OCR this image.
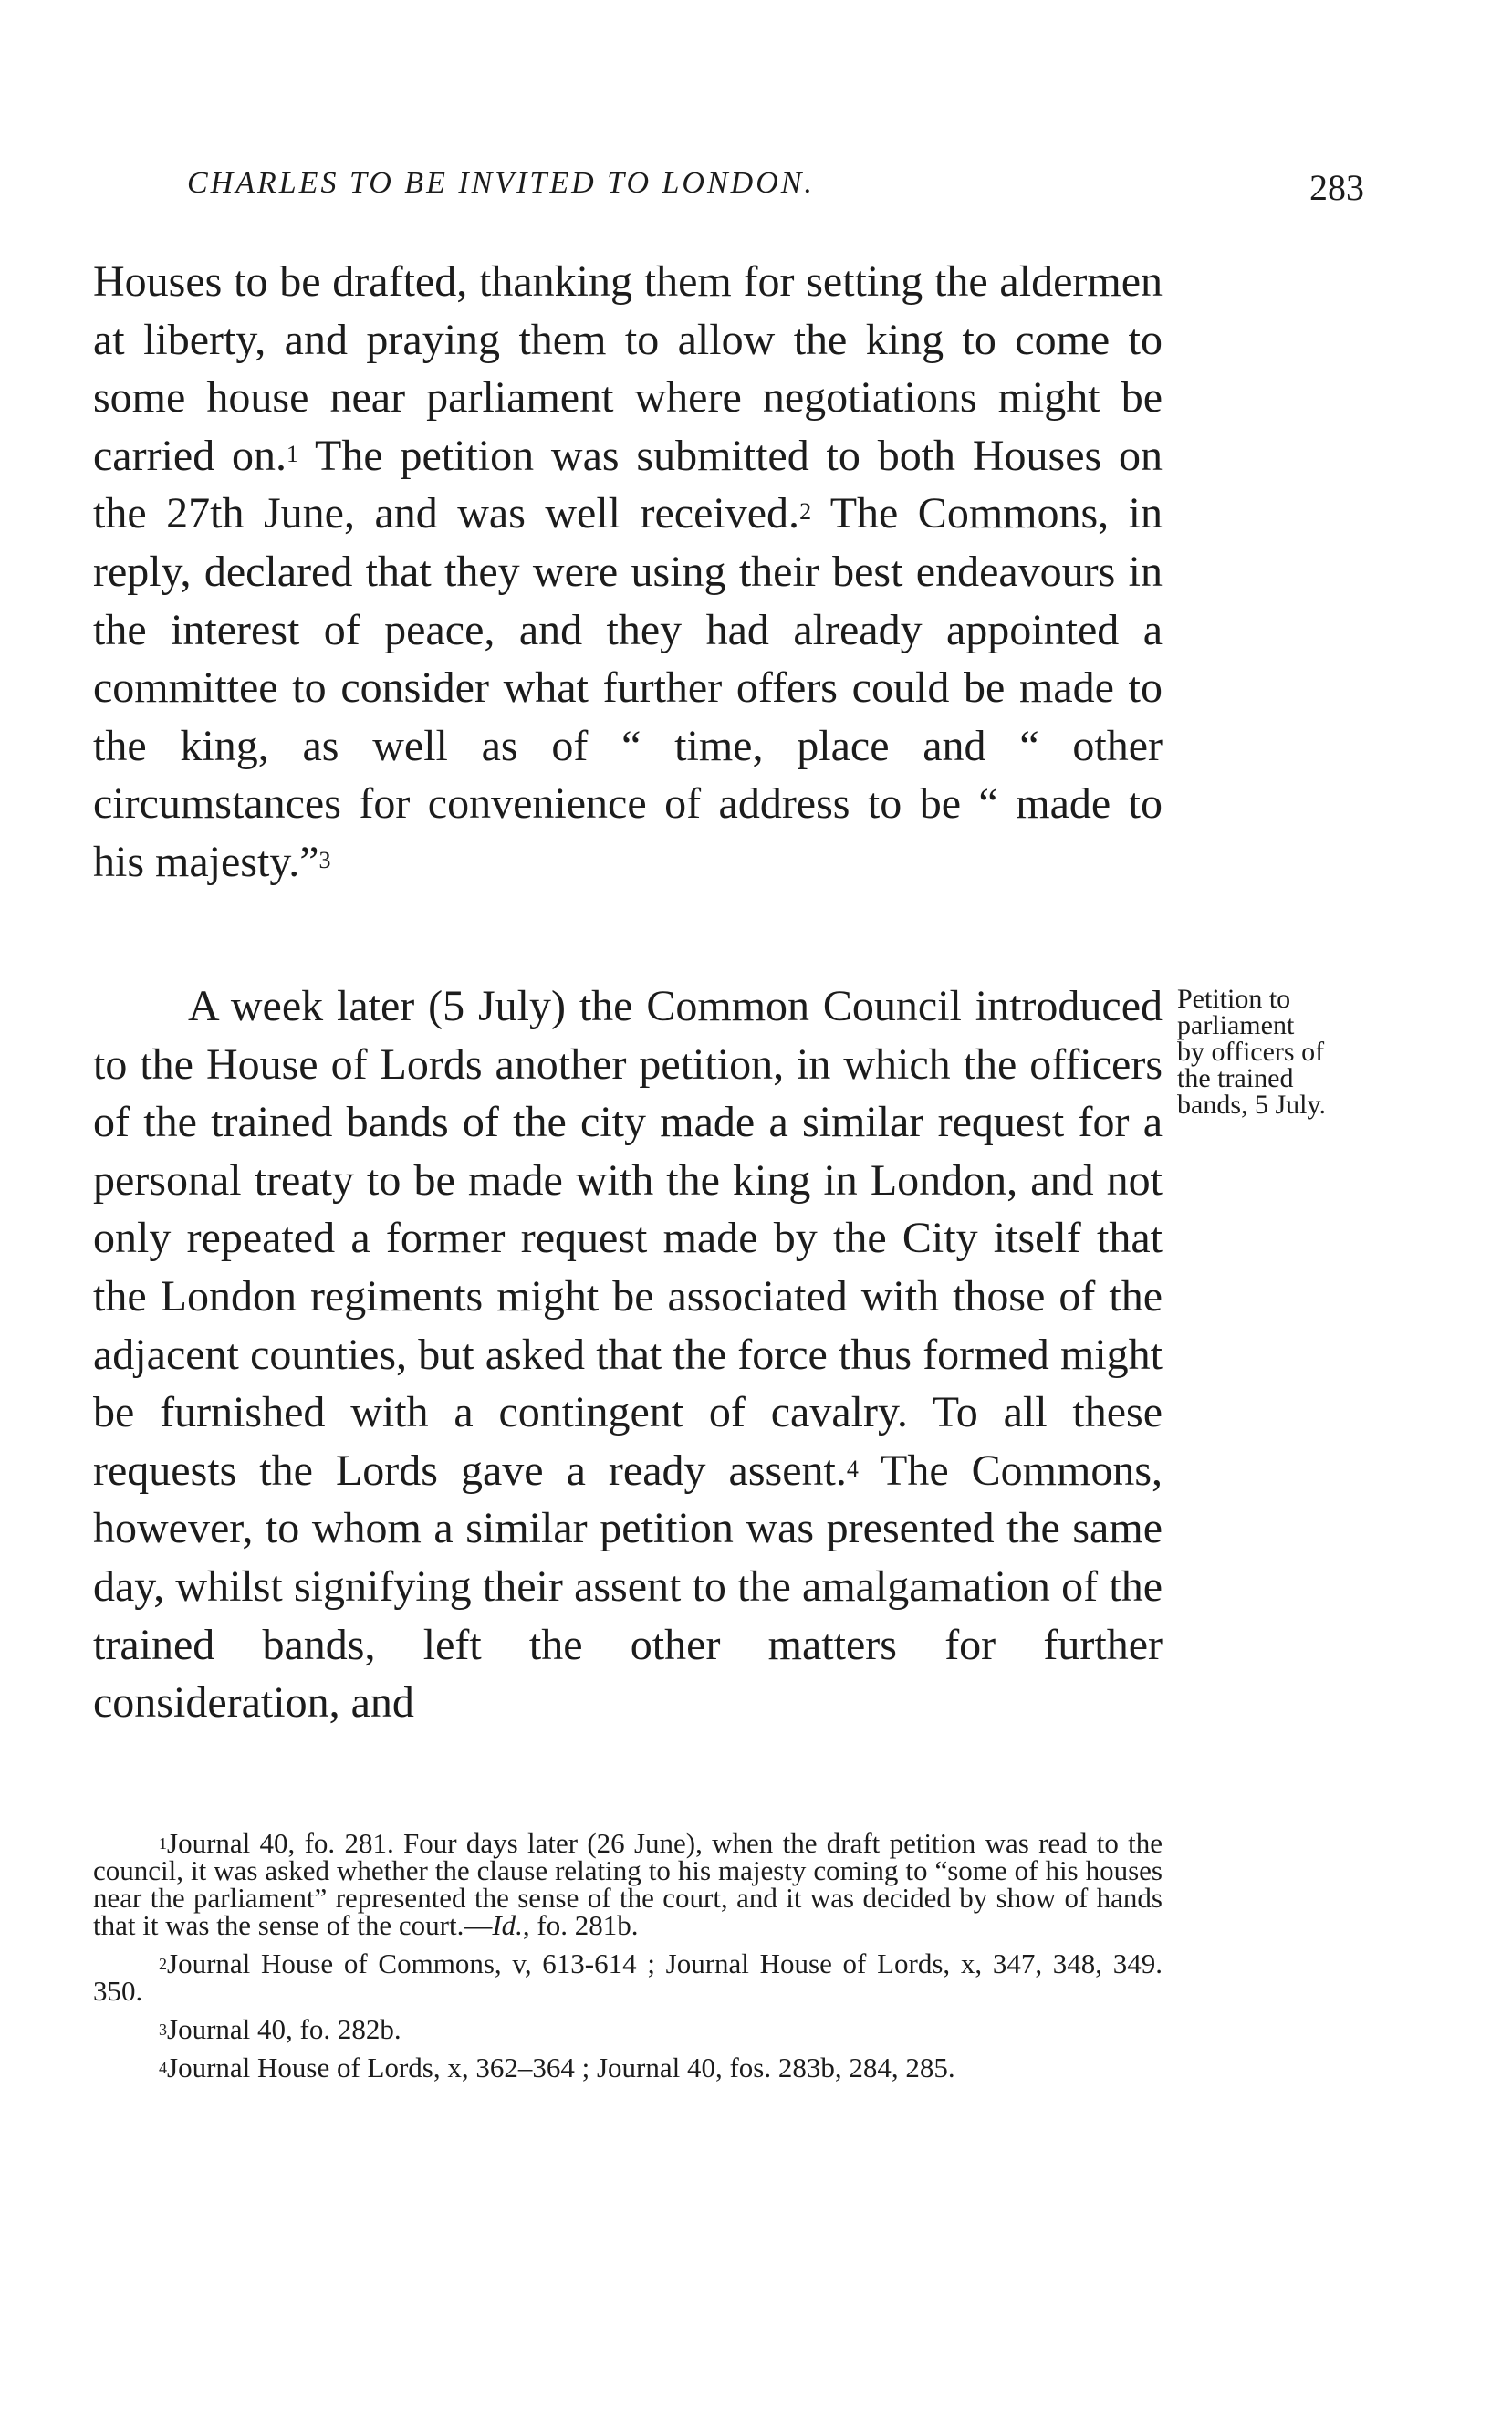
CHARLES TO BE INVITED TO LONDON.	283

Houses to be drafted, thanking them for setting the aldermen at liberty, and praying them to allow the king to come to some house near parliament where negotiations might be carried on.$^1$ The petition was submitted to both Houses on the 27th June, and was well received.$^2$ The Commons, in reply, declared that they were using their best endeavours in the interest of peace, and they had already appointed a committee to consider what further offers could be made to the king, as well as of “ time, place and “ other circumstances for convenience of address to be “ made to his majesty.”$^3$

A week later (5 July) the Common Council introduced to the House of Lords another petition, in which the officers of the trained bands of the city made a similar request for a personal treaty to be made with the king in London, and not only repeated a former request made by the City itself that the London regiments might be associated with those of the adjacent counties, but asked that the force thus formed might be furnished with a contingent of cavalry. To all these requests the Lords gave a ready assent.$^4$ The Commons, however, to whom a similar petition was presented the same day, whilst signifying their assent to the amalgamation of the trained bands, left the other matters for further consideration, and

Petition to
parliament
by officers of
the trained
bands, 5 July.

$^1$Journal 40, fo. 281. Four days later (26 June), when the draft petition was read to the council, it was asked whether the clause relating to his majesty coming to “some of his houses near the parliament” represented the sense of the court, and it was decided by show of hands that it was the sense of the court.—Id., fo. 281b.

$^2$Journal House of Commons, v, 613-614 ; Journal House of Lords, x, 347, 348, 349. 350.

$^3$Journal 40, fo. 282b.

$^4$Journal House of Lords, x, 362–364 ; Journal 40, fos. 283b, 284, 285.
